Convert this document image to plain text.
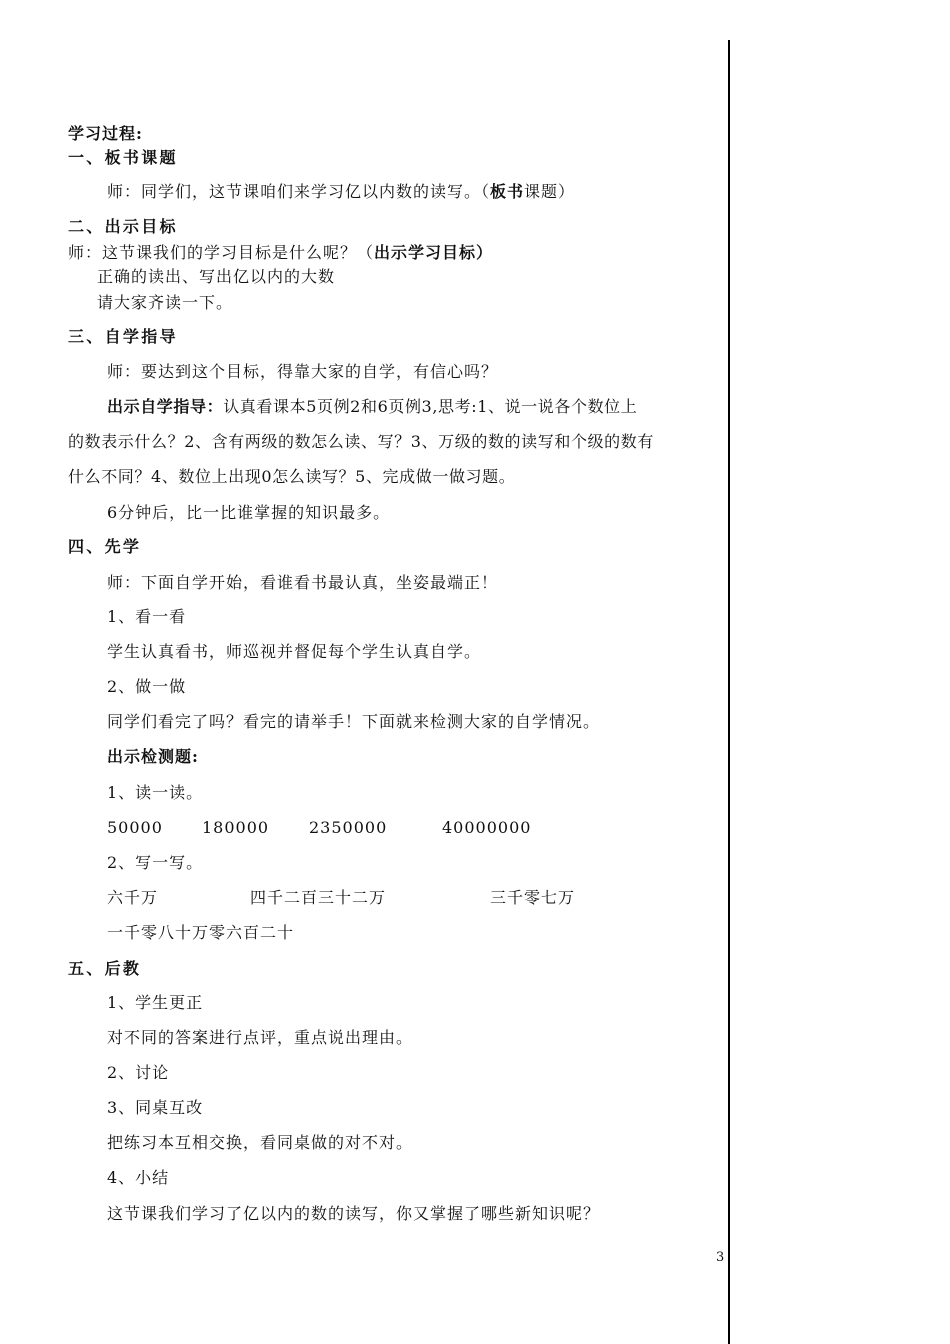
3
学习过程:
一、板书课题
师：同学们，这节课咱们来学习亿以内数的读写。（板书课题）
二、出示目标
师：这节课我们的学习目标是什么呢？（出示学习目标）
正确的读出、写出亿以内的大数
请大家齐读一下。
三、自学指导
师：要达到这个目标，得靠大家的自学，有信心吗？
出示自学指导：认真看课本5页例2和6页例3,思考:1、说一说各个数位上
的数表示什么？2、含有两级的数怎么读、写？3、万级的数的读写和个级的数有
什么不同？4、数位上出现0怎么读写？5、完成做一做习题。
6分钟后，比一比谁掌握的知识最多。
四、先学
师：下面自学开始，看谁看书最认真，坐姿最端正！
1、看一看
学生认真看书，师巡视并督促每个学生认真自学。
2、做一做
同学们看完了吗？看完的请举手！下面就来检测大家的自学情况。
出示检测题:
1、读一读。
50000 180000 2350000	40000000
2、写一写。
六千万	四千二百三十二万	三千零七万
一千零八十万零六百二十
五、后教
1、学生更正
对不同的答案进行点评，重点说出理由。
2、讨论
3、同桌互改
把练习本互相交换，看同桌做的对不对。
4、小结
这节课我们学习了亿以内的数的读写，你又掌握了哪些新知识呢？
